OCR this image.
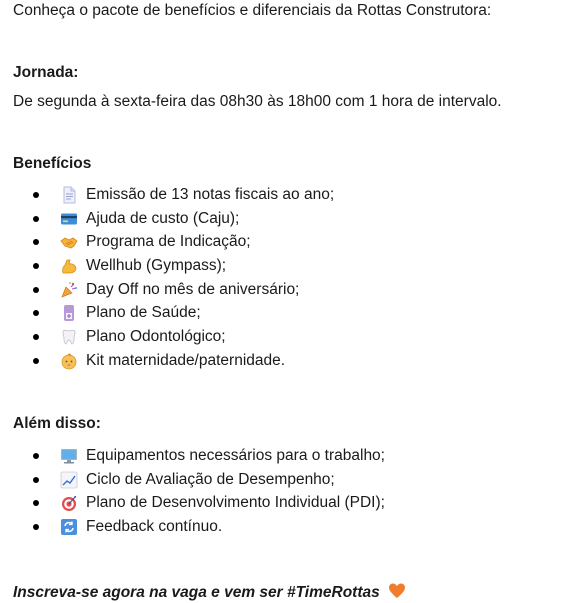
Conheça o pacote de benefícios e diferenciais da Rottas Construtora:
Jornada:
De segunda à sexta-feira das 08h30 às 18h00 com 1 hora de intervalo.
Benefícios
Emissão de 13 notas fiscais ao ano;
Ajuda de custo (Caju);
Programa de Indicação;
Wellhub (Gympass);
Day Off no mês de aniversário;
Plano de Saúde;
Plano Odontológico;
Kit maternidade/paternidade.
Além disso:
Equipamentos necessários para o trabalho;
Ciclo de Avaliação de Desempenho;
Plano de Desenvolvimento Individual (PDI);
Feedback contínuo.
Inscreva-se agora na vaga e vem ser #TimeRottas
